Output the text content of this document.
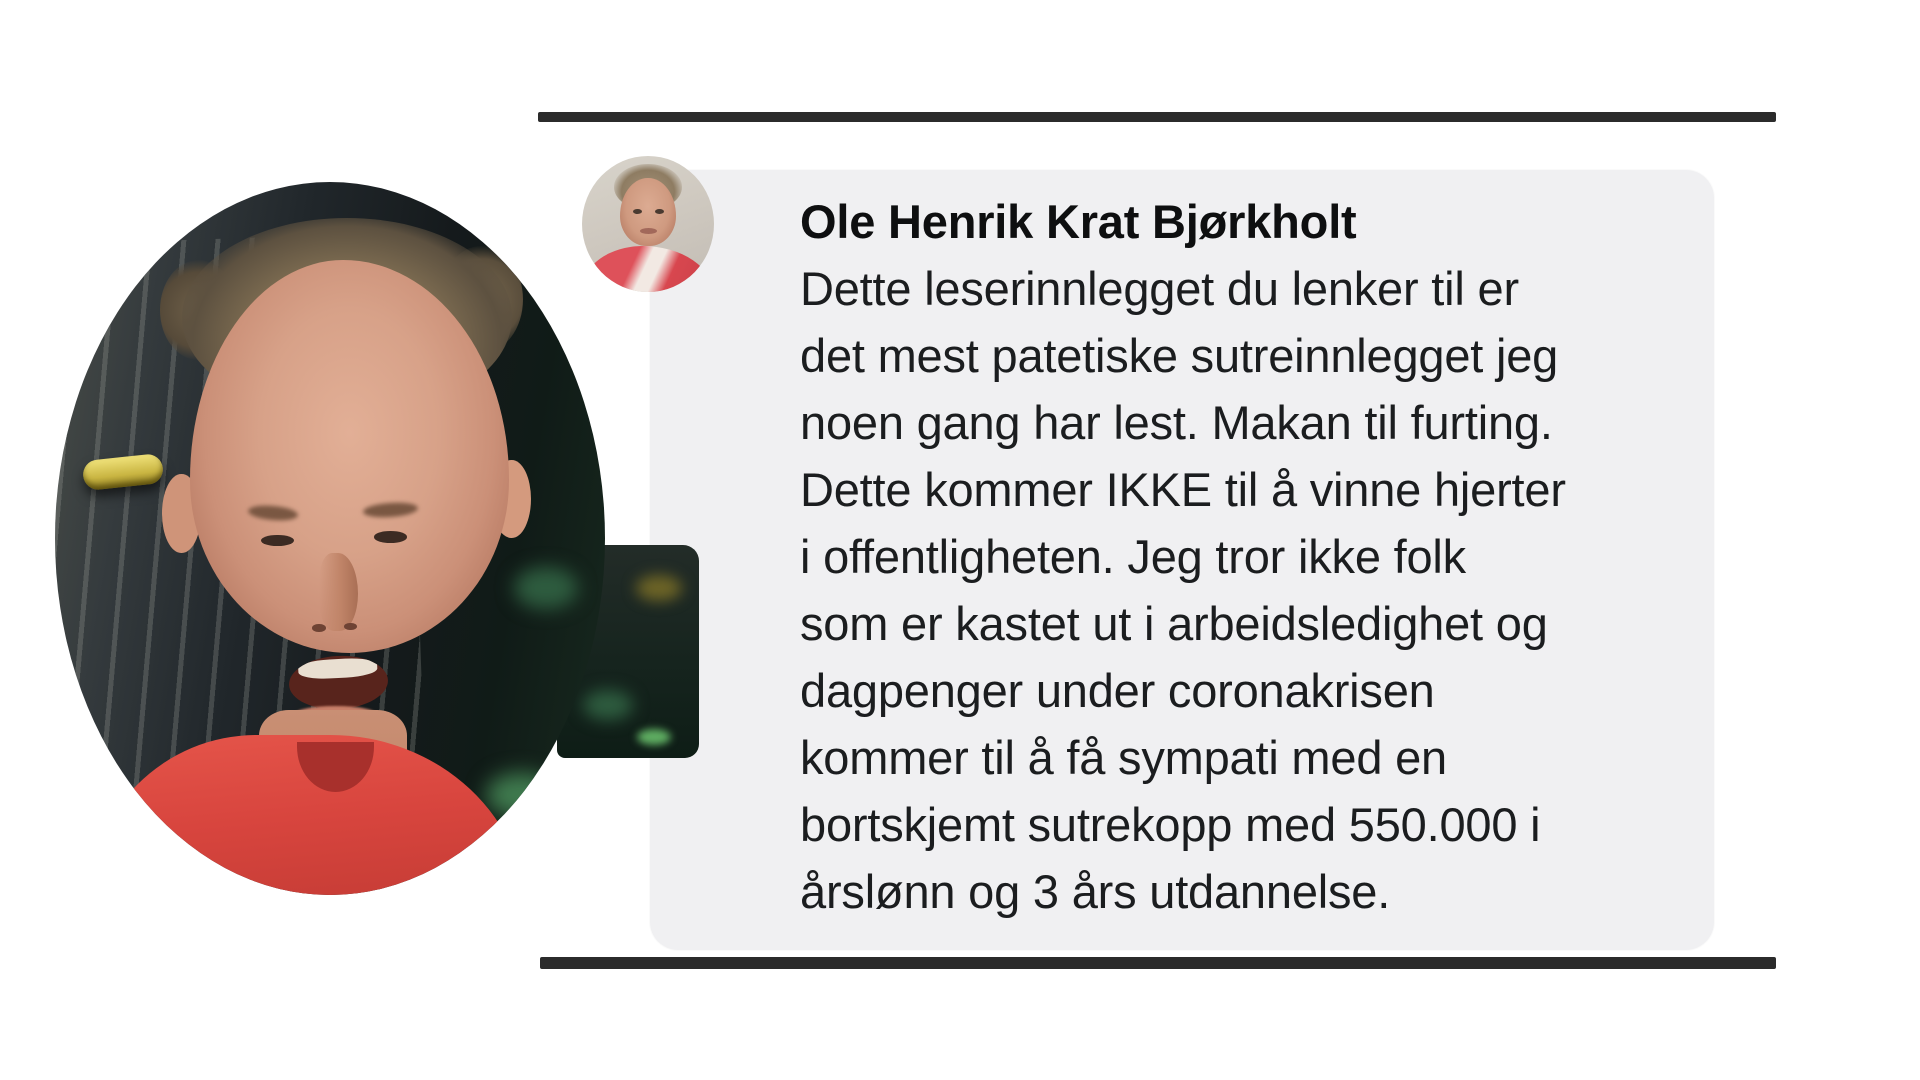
Ole Henrik Krat Bjørkholt
Dette leserinnlegget du lenker til er
det mest patetiske sutreinnlegget jeg
noen gang har lest. Makan til furting.
Dette kommer IKKE til å vinne hjerter
i offentligheten. Jeg tror ikke folk
som er kastet ut i arbeidsledighet og
dagpenger under coronakrisen
kommer til å få sympati med en
bortskjemt sutrekopp med 550.000 i
årslønn og 3 års utdannelse.
